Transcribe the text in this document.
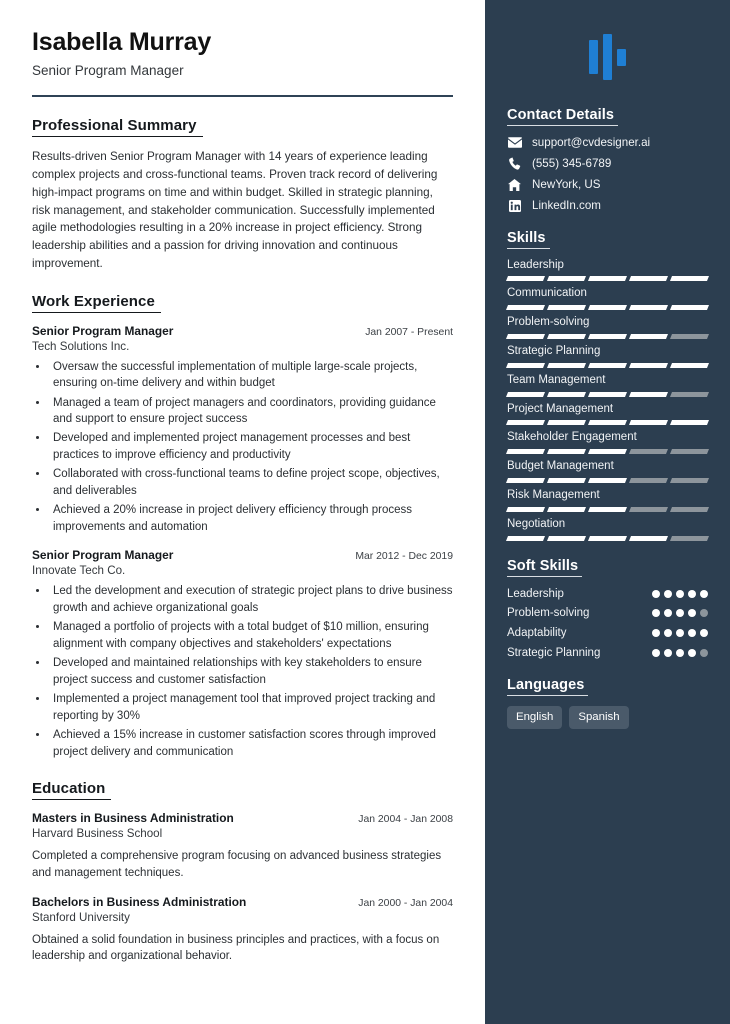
Isabella Murray
Senior Program Manager
Professional Summary
Results-driven Senior Program Manager with 14 years of experience leading complex projects and cross-functional teams. Proven track record of delivering high-impact programs on time and within budget. Skilled in strategic planning, risk management, and stakeholder communication. Successfully implemented agile methodologies resulting in a 20% increase in project efficiency. Strong leadership abilities and a passion for driving innovation and continuous improvement.
Work Experience
Senior Program Manager	Jan 2007 - Present
Tech Solutions Inc.
• Oversaw the successful implementation of multiple large-scale projects, ensuring on-time delivery and within budget
• Managed a team of project managers and coordinators, providing guidance and support to ensure project success
• Developed and implemented project management processes and best practices to improve efficiency and productivity
• Collaborated with cross-functional teams to define project scope, objectives, and deliverables
• Achieved a 20% increase in project delivery efficiency through process improvements and automation
Senior Program Manager	Mar 2012 - Dec 2019
Innovate Tech Co.
• Led the development and execution of strategic project plans to drive business growth and achieve organizational goals
• Managed a portfolio of projects with a total budget of $10 million, ensuring alignment with company objectives and stakeholders' expectations
• Developed and maintained relationships with key stakeholders to ensure project success and customer satisfaction
• Implemented a project management tool that improved project tracking and reporting by 30%
• Achieved a 15% increase in customer satisfaction scores through improved project delivery and communication
Education
Masters in Business Administration	Jan 2004 - Jan 2008
Harvard Business School
Completed a comprehensive program focusing on advanced business strategies and management techniques.
Bachelors in Business Administration	Jan 2000 - Jan 2004
Stanford University
Obtained a solid foundation in business principles and practices, with a focus on leadership and organizational behavior.
Contact Details
support@cvdesigner.ai
(555) 345-6789
NewYork, US
LinkedIn.com
Skills
Leadership
Communication
Problem-solving
Strategic Planning
Team Management
Project Management
Stakeholder Engagement
Budget Management
Risk Management
Negotiation
Soft Skills
Leadership
Problem-solving
Adaptability
Strategic Planning
Languages
English	Spanish
